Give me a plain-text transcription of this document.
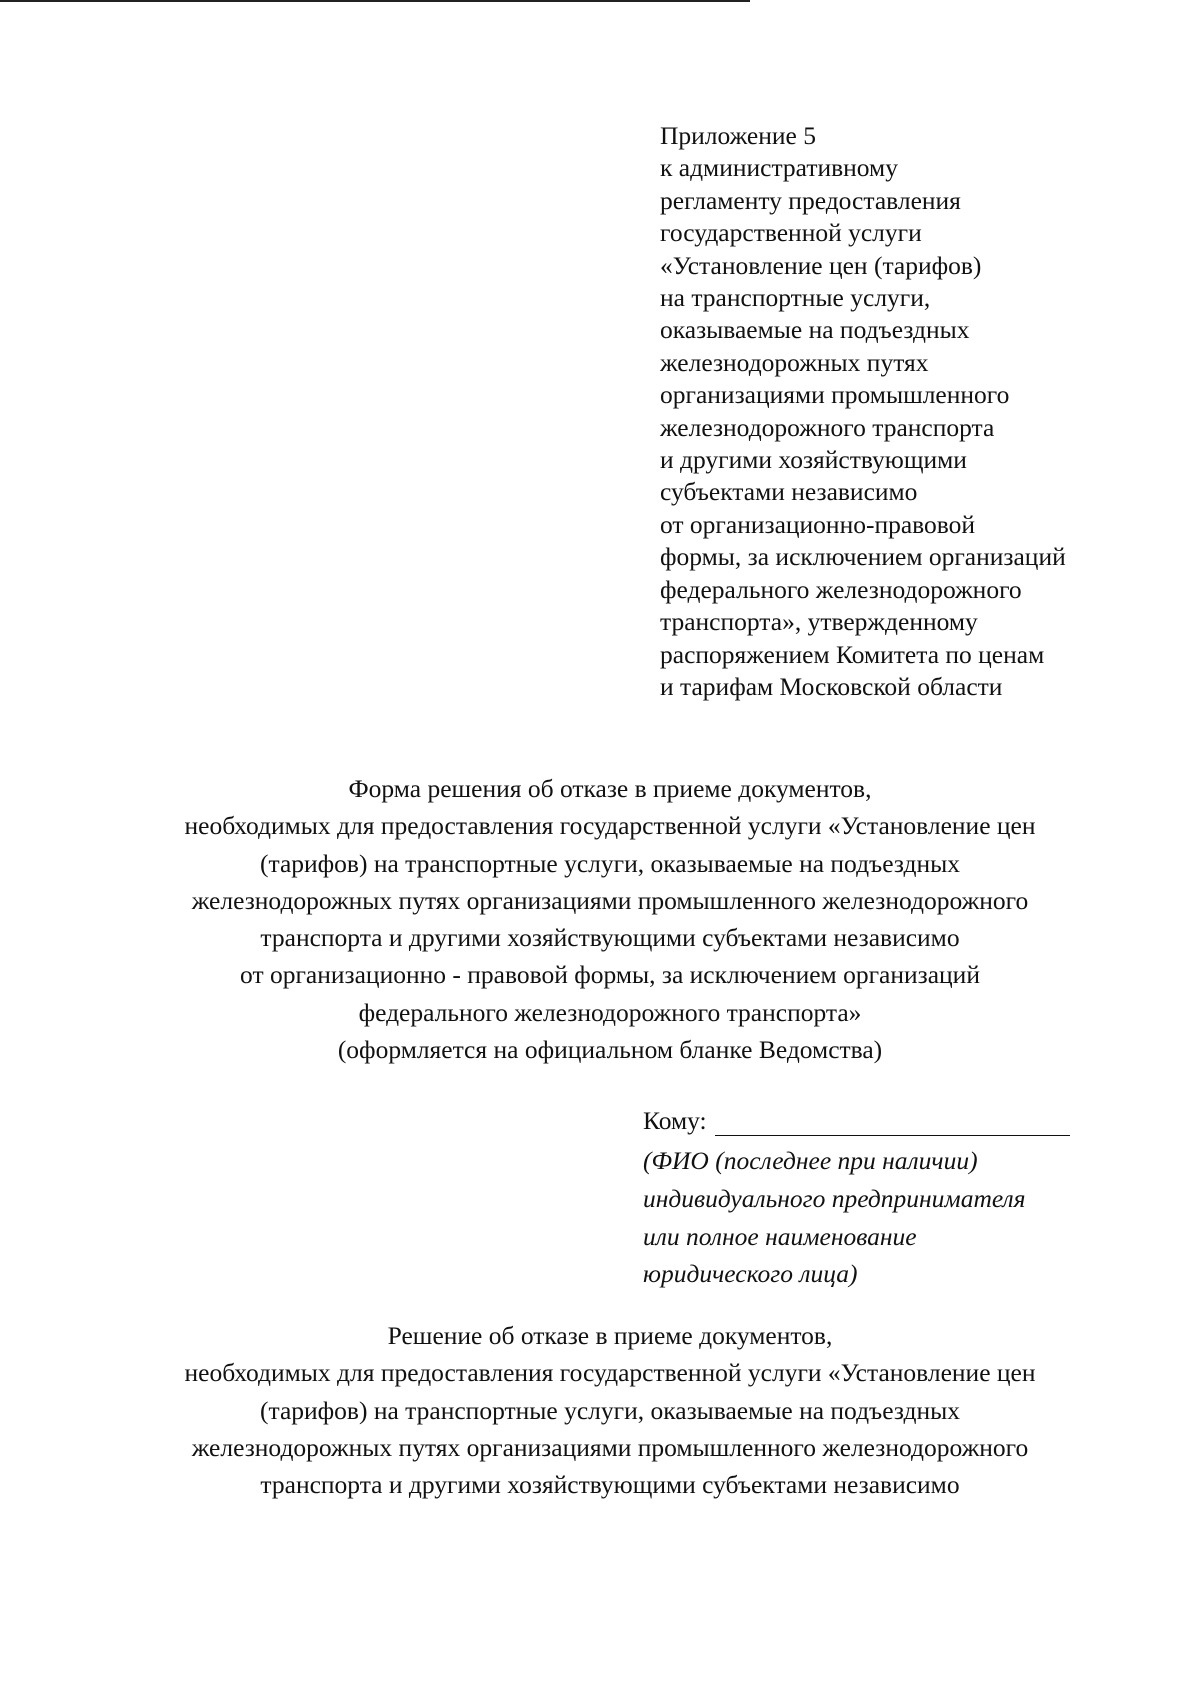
Приложение 5
к административному
регламенту предоставления
государственной услуги
«Установление цен (тарифов)
на транспортные услуги,
оказываемые на подъездных
железнодорожных путях
организациями промышленного
железнодорожного транспорта
и другими хозяйствующими
субъектами независимо
от организационно-правовой
формы, за исключением организаций
федерального железнодорожного
транспорта», утвержденному
распоряжением Комитета по ценам
и тарифам Московской области
Форма решения об отказе в приеме документов,
необходимых для предоставления государственной услуги «Установление цен
(тарифов) на транспортные услуги, оказываемые на подъездных
железнодорожных путях организациями промышленного железнодорожного
транспорта и другими хозяйствующими субъектами независимо
от организационно - правовой формы, за исключением организаций
федерального железнодорожного транспорта»
(оформляется на официальном бланке Ведомства)
Кому:
(ФИО (последнее при наличии)
индивидуального предпринимателя
или полное наименование
юридического лица)
Решение об отказе в приеме документов,
необходимых для предоставления государственной услуги «Установление цен
(тарифов) на транспортные услуги, оказываемые на подъездных
железнодорожных путях организациями промышленного железнодорожного
транспорта и другими хозяйствующими субъектами независимо
